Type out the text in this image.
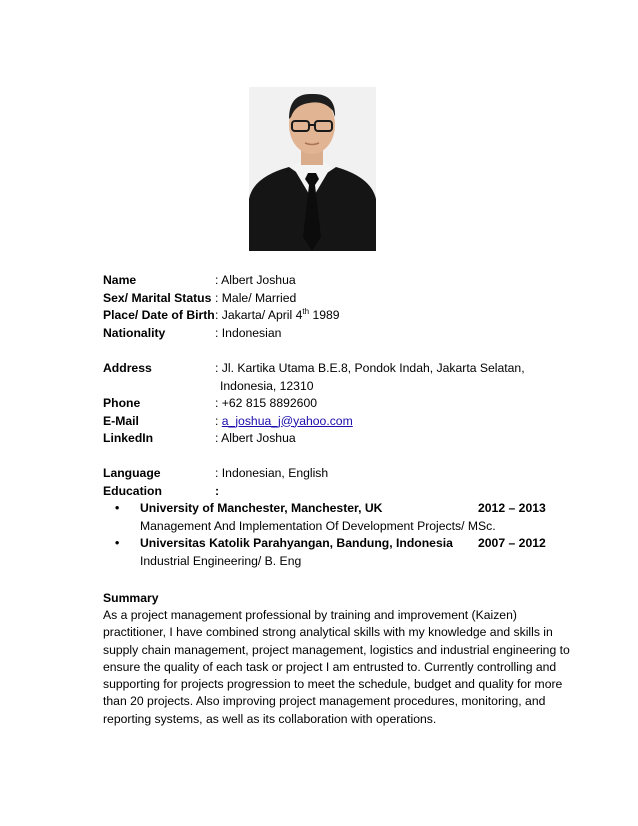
Name	: Albert Joshua
Sex/ Marital Status : Male/ Married
Place/ Date of Birth : Jakarta/ April 4th 1989
Nationality	: Indonesian
Address	: Jl. Kartika Utama B.E.8, Pondok Indah, Jakarta Selatan,
Indonesia, 12310
Phone	: +62 815 8892600
E-Mail	: a_joshua_j@yahoo.com
LinkedIn	: Albert Joshua
Language	: Indonesian, English
Education	:
• University of Manchester, Manchester, UK	2012 – 2013
Management And Implementation Of Development Projects/ MSc.
• Universitas Katolik Parahyangan, Bandung, Indonesia 2007 – 2012
Industrial Engineering/ B. Eng
Summary
As a project management professional by training and improvement (Kaizen) practitioner, I have combined strong analytical skills with my knowledge and skills in supply chain management, project management, logistics and industrial engineering to ensure the quality of each task or project I am entrusted to. Currently controlling and supporting for projects progression to meet the schedule, budget and quality for more than 20 projects. Also improving project management procedures, monitoring, and reporting systems, as well as its collaboration with operations.
